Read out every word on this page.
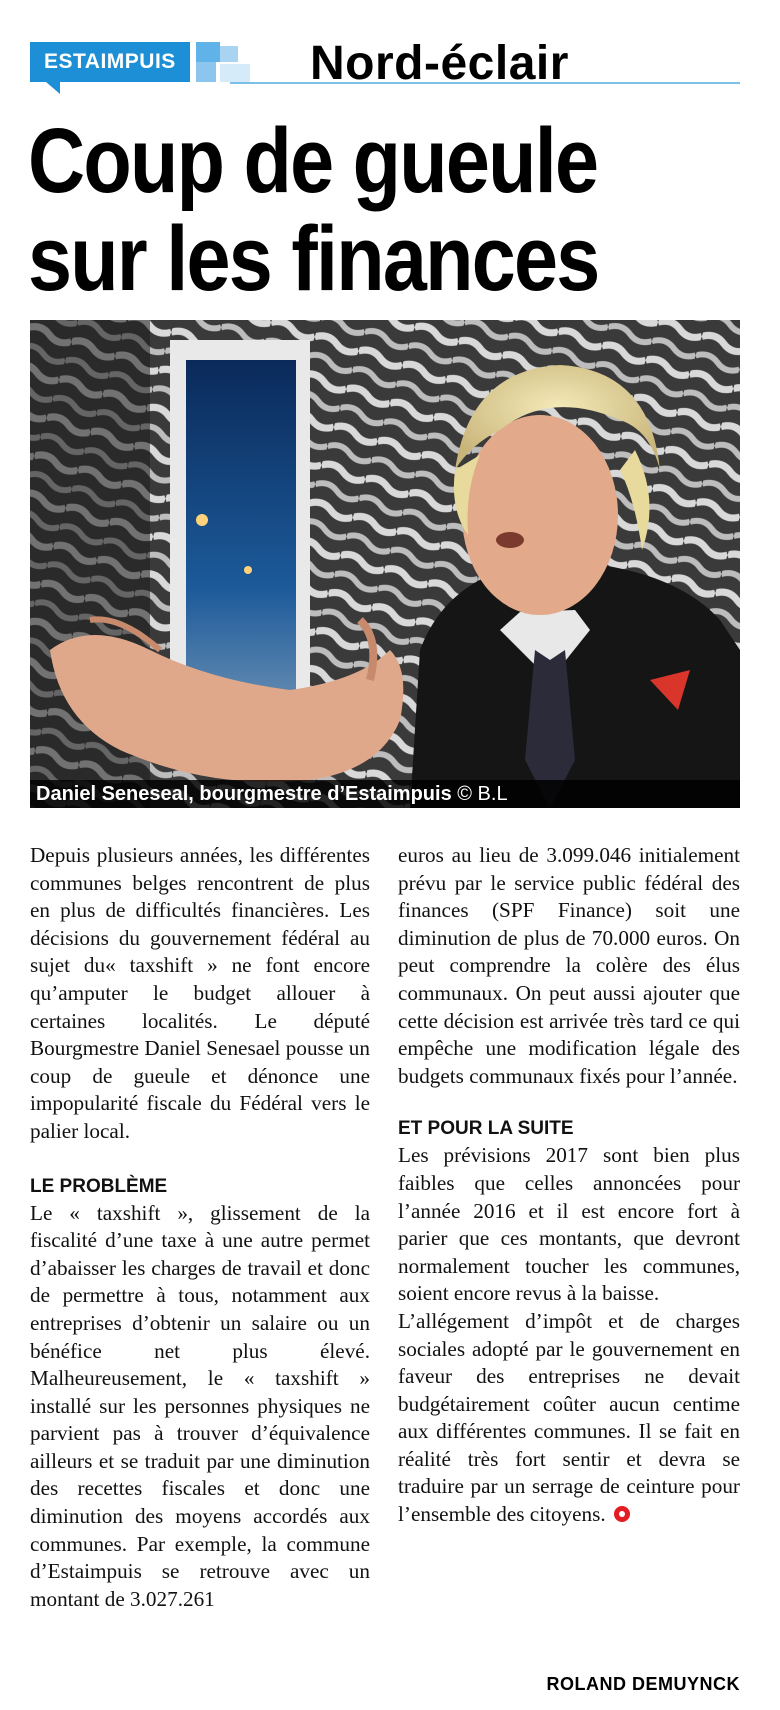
ESTAIMPUIS	Nord-éclair
Coup de gueule
sur les finances
Daniel Seneseal, bourgmestre d’Estaimpuis © B.L

Depuis plusieurs années, les différentes communes belges rencontrent de plus en plus de difficultés financières. Les décisions du gouvernement fédéral au sujet du« taxshift » ne font encore qu’amputer le budget allouer à certaines localités. Le député Bourgmestre Daniel Senesael pousse un coup de gueule et dénonce une impopularité fiscale du Fédéral vers le palier local.

LE PROBLÈME

Le « taxshift », glissement de la fiscalité d’une taxe à une autre permet d’abaisser les charges de travail et donc de permettre à tous, notamment aux entreprises d’obtenir un salaire ou un bénéfice net plus élevé. Malheureusement, le « taxshift » installé sur les personnes physiques ne parvient pas à trouver d’équivalence ailleurs et se traduit par une diminution des recettes fiscales et donc une diminution des moyens accordés aux communes. Par exemple, la commune d’Estaimpuis se retrouve avec un montant de 3.027.261

euros au lieu de 3.099.046 initialement prévu par le service public fédéral des finances (SPF Finance) soit une diminution de plus de 70.000 euros. On peut comprendre la colère des élus communaux. On peut aussi ajouter que cette décision est arrivée très tard ce qui empêche une modification légale des budgets communaux fixés pour l’année.

ET POUR LA SUITE

Les prévisions 2017 sont bien plus faibles que celles annoncées pour l’année 2016 et il est encore fort à parier que ces montants, que devront normalement toucher les communes, soient encore revus à la baisse.

L’allégement d’impôt et de charges sociales adopté par le gouvernement en faveur des entreprises ne devait budgétairement coûter aucun centime aux différentes communes. Il se fait en réalité très fort sentir et devra se traduire par un serrage de ceinture pour l’ensemble des citoyens.

ROLAND DEMUYNCK
